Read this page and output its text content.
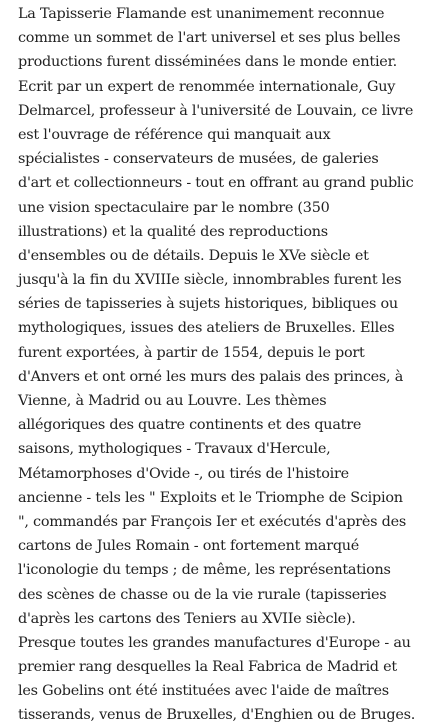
La Tapisserie Flamande est unanimement reconnue
comme un sommet de l'art universel et ses plus belles
productions furent disséminées dans le monde entier.
Ecrit par un expert de renommée internationale, Guy
Delmarcel, professeur à l'université de Louvain, ce livre
est l'ouvrage de référence qui manquait aux
spécialistes - conservateurs de musées, de galeries
d'art et collectionneurs - tout en offrant au grand public
une vision spectaculaire par le nombre (350
illustrations) et la qualité des reproductions
d'ensembles ou de détails. Depuis le XVe siècle et
jusqu'à la fin du XVIIIe siècle, innombrables furent les
séries de tapisseries à sujets historiques, bibliques ou
mythologiques, issues des ateliers de Bruxelles. Elles
furent exportées, à partir de 1554, depuis le port
d'Anvers et ont orné les murs des palais des princes, à
Vienne, à Madrid ou au Louvre. Les thèmes
allégoriques des quatre continents et des quatre
saisons, mythologiques - Travaux d'Hercule,
Métamorphoses d'Ovide -, ou tirés de l'histoire
ancienne - tels les " Exploits et le Triomphe de Scipion
", commandés par François Ier et exécutés d'après des
cartons de Jules Romain - ont fortement marqué
l'iconologie du temps ; de même, les représentations
des scènes de chasse ou de la vie rurale (tapisseries
d'après les cartons des Teniers au XVIIe siècle).
Presque toutes les grandes manufactures d'Europe - au
premier rang desquelles la Real Fabrica de Madrid et
les Gobelins ont été instituées avec l'aide de maîtres
tisserands, venus de Bruxelles, d'Enghien ou de Bruges.
